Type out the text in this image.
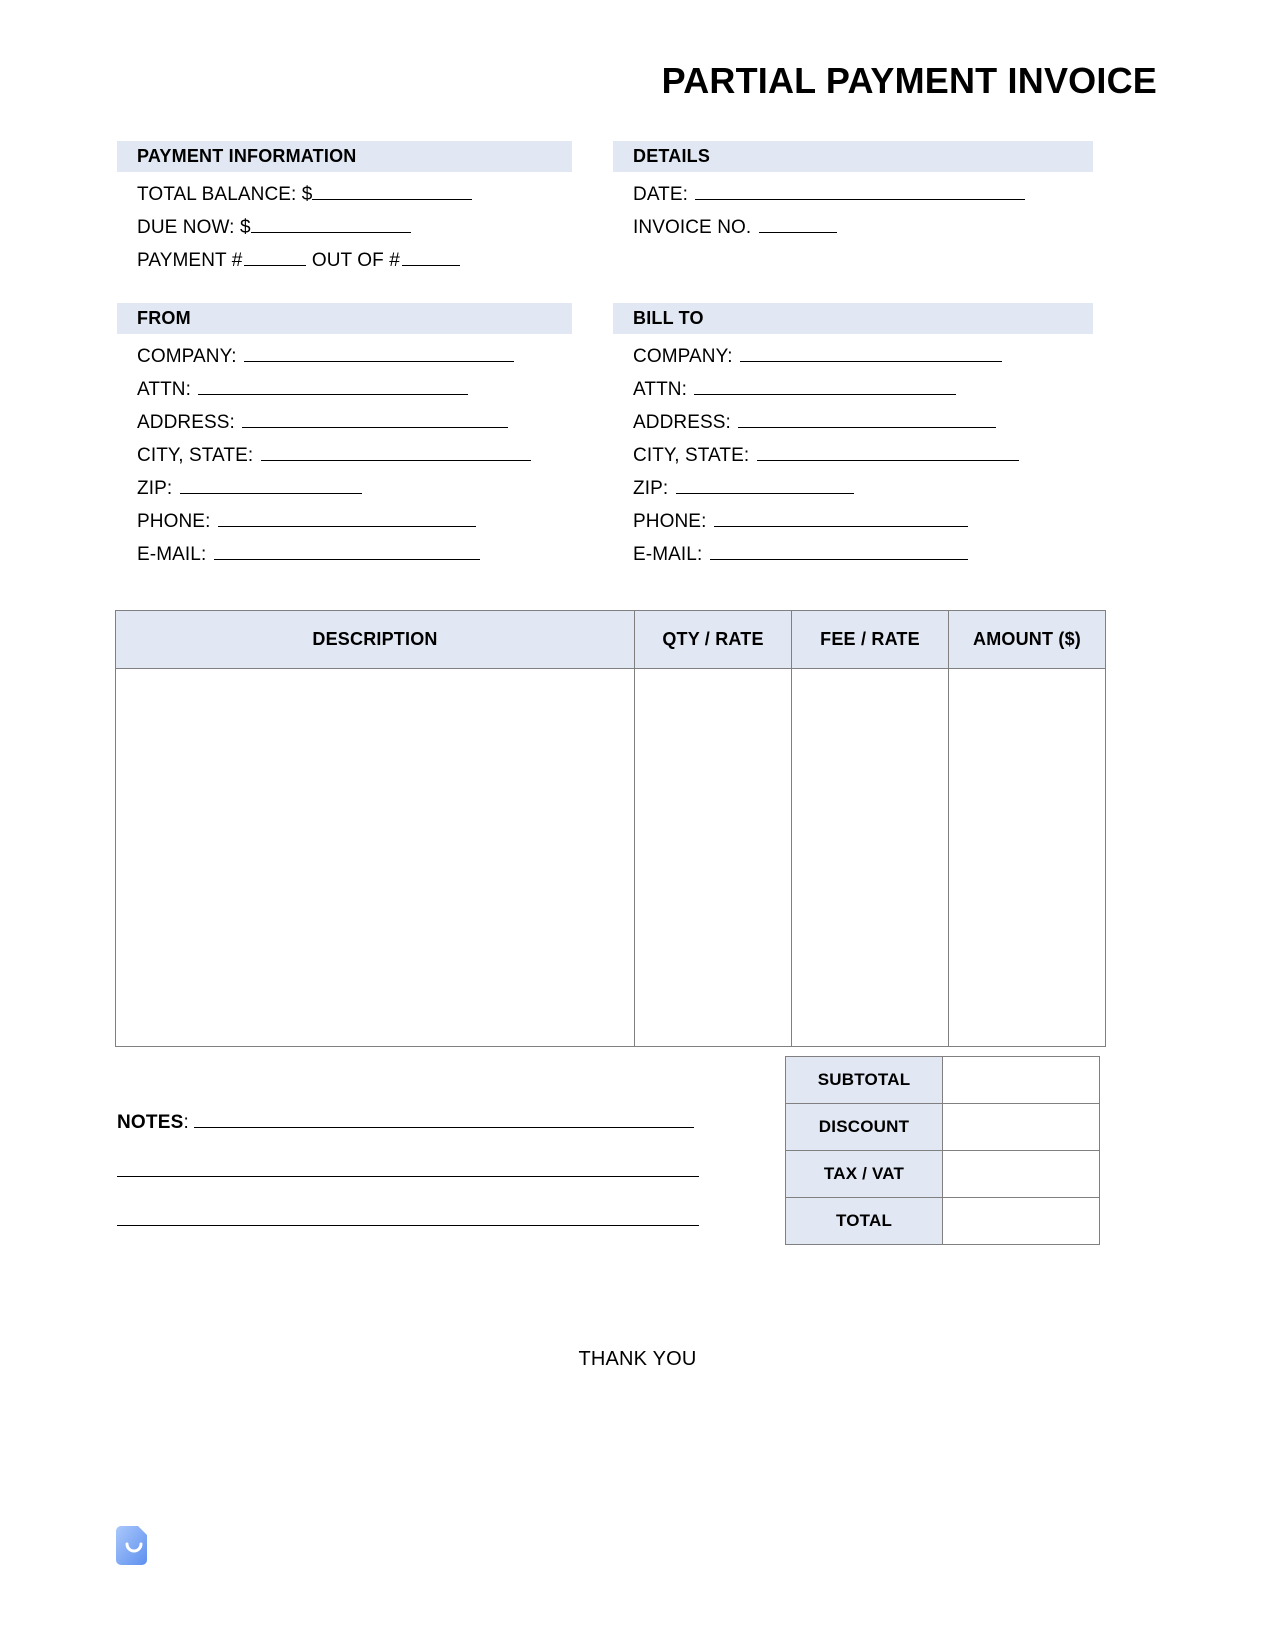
PARTIAL PAYMENT INVOICE
PAYMENT INFORMATION
TOTAL BALANCE: $
DUE NOW: $
PAYMENT #	OUT OF #
DETAILS
DATE:
INVOICE NO.
FROM
COMPANY:
ATTN:
ADDRESS:
CITY, STATE:
ZIP:
PHONE:
E-MAIL:
BILL TO
COMPANY:
ATTN:
ADDRESS:
CITY, STATE:
ZIP:
PHONE:
E-MAIL:
DESCRIPTION	QTY / RATE	FEE / RATE	AMOUNT ($)

SUBTOTAL	
DISCOUNT	
TAX / VAT	
TOTAL	
NOTES:
THANK YOU
